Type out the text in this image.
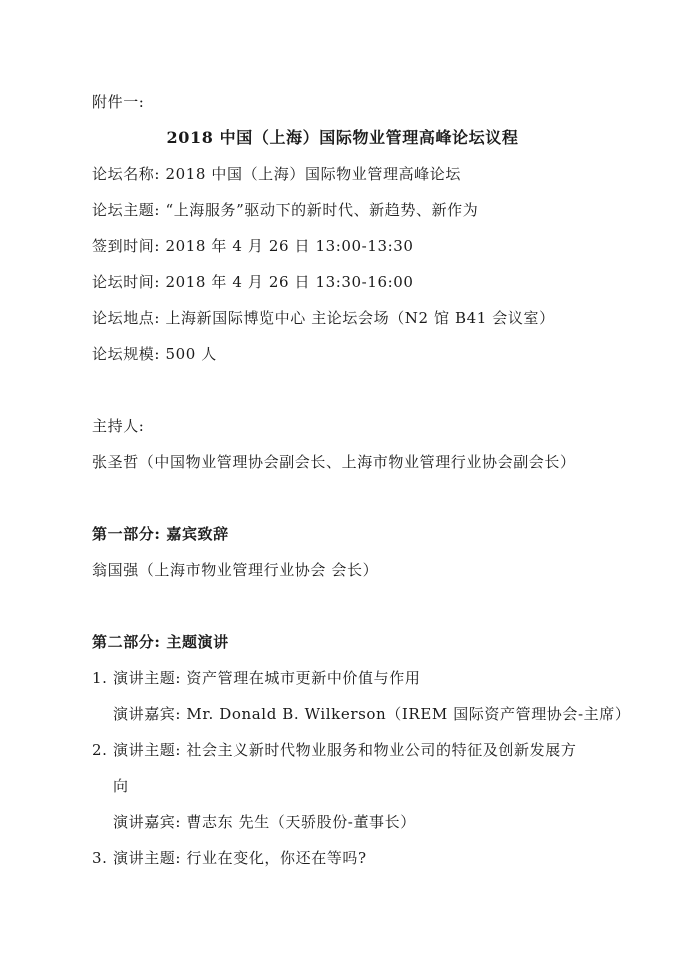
附件一:
2018 中国（上海）国际物业管理高峰论坛议程
论坛名称: 2018 中国（上海）国际物业管理高峰论坛
论坛主题: “上海服务”驱动下的新时代、新趋势、新作为
签到时间: 2018 年 4 月 26 日 13:00-13:30
论坛时间: 2018 年 4 月 26 日 13:30-16:00
论坛地点: 上海新国际博览中心 主论坛会场（N2 馆 B41 会议室）
论坛规模: 500 人
主持人:
张圣哲（中国物业管理协会副会长、上海市物业管理行业协会副会长）
第一部分: 嘉宾致辞
翁国强（上海市物业管理行业协会 会长）
第二部分: 主题演讲
1. 演讲主题: 资产管理在城市更新中价值与作用
演讲嘉宾: Mr. Donald B. Wilkerson（IREM 国际资产管理协会-主席）
2. 演讲主题: 社会主义新时代物业服务和物业公司的特征及创新发展方
向
演讲嘉宾: 曹志东 先生（天骄股份-董事长）
3. 演讲主题: 行业在变化，你还在等吗?
